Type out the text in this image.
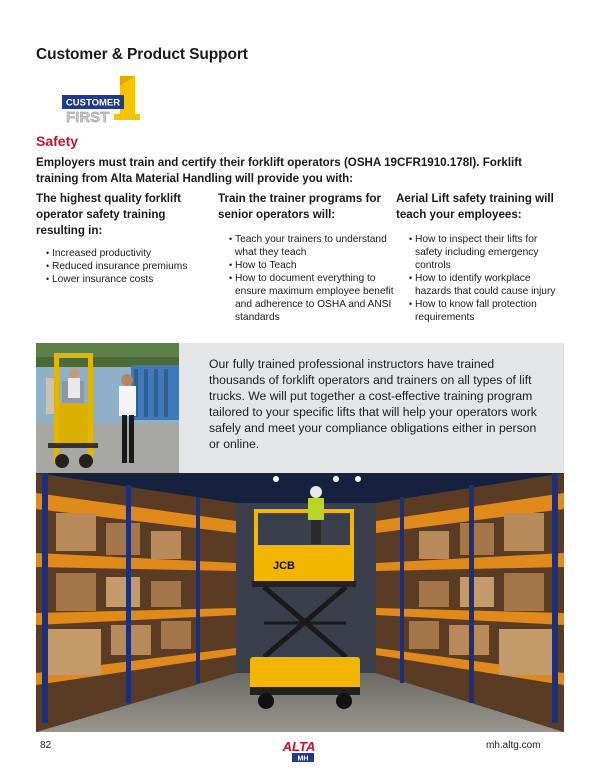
Customer & Product Support
CUSTOMER
FIRST
Safety
Employers must train and certify their forklift operators (OSHA 19CFR1910.178l). Forklift training from Alta Material Handling will provide you with:
The highest quality forklift operator safety training resulting in:
Train the trainer programs for senior operators will:
Aerial Lift safety training will teach your employees:
• Increased productivity
• Reduced insurance premiums
• Lower insurance costs
• Teach your trainers to understand what they teach
• How to Teach
• How to document everything to ensure maximum employee benefit and adherence to OSHA and ANSI standards
• How to inspect their lifts for safety including emergency controls
• How to identify workplace hazards that could cause injury
• How to know fall protection requirements
Our fully trained professional instructors have trained thousands of forklift operators and trainers on all types of lift trucks. We will put together a cost-effective training program tailored to your specific lifts that will help your operators work safely and meet your compliance obligations either in person or online.
JCB
82
MH
ALTA	mh.altg.com
